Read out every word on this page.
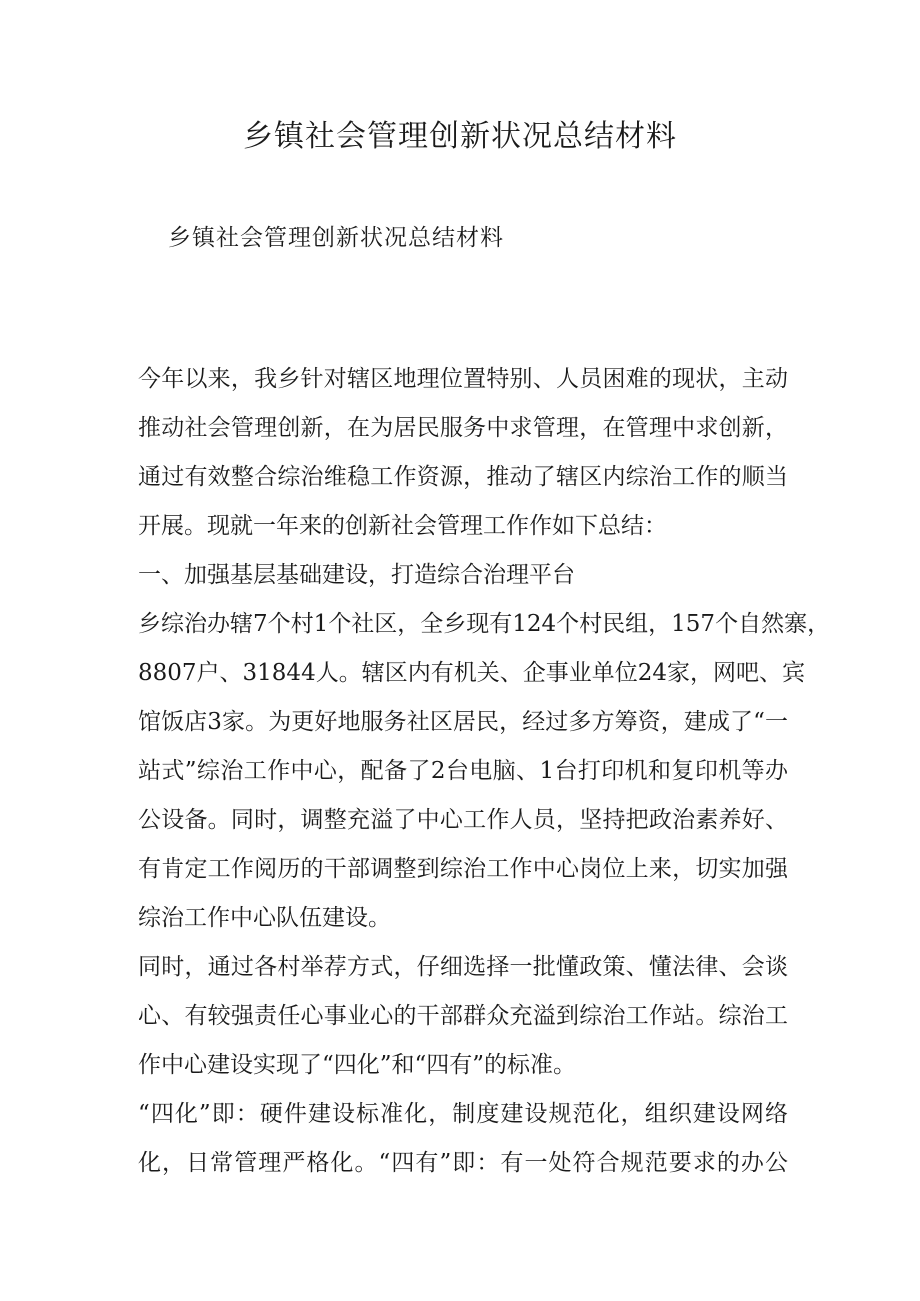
乡镇社会管理创新状况总结材料

乡镇社会管理创新状况总结材料

今年以来，我乡针对辖区地理位置特别、人员困难的现状，主动
推动社会管理创新，在为居民服务中求管理，在管理中求创新，
通过有效整合综治维稳工作资源，推动了辖区内综治工作的顺当
开展。现就一年来的创新社会管理工作作如下总结：
一、加强基层基础建设，打造综合治理平台
乡综治办辖7个村1个社区，全乡现有124个村民组，157个自然寨，
8807户、31844人。辖区内有机关、企事业单位24家，网吧、宾
馆饭店3家。为更好地服务社区居民，经过多方筹资，建成了“一
站式”综治工作中心，配备了2台电脑、1台打印机和复印机等办
公设备。同时，调整充溢了中心工作人员，坚持把政治素养好、
有肯定工作阅历的干部调整到综治工作中心岗位上来，切实加强
综治工作中心队伍建设。
同时，通过各村举荐方式，仔细选择一批懂政策、懂法律、会谈
心、有较强责任心事业心的干部群众充溢到综治工作站。综治工
作中心建设实现了“四化”和“四有”的标准。
“四化”即：硬件建设标准化，制度建设规范化，组织建设网络
化，日常管理严格化。“四有”即：有一处符合规范要求的办公
